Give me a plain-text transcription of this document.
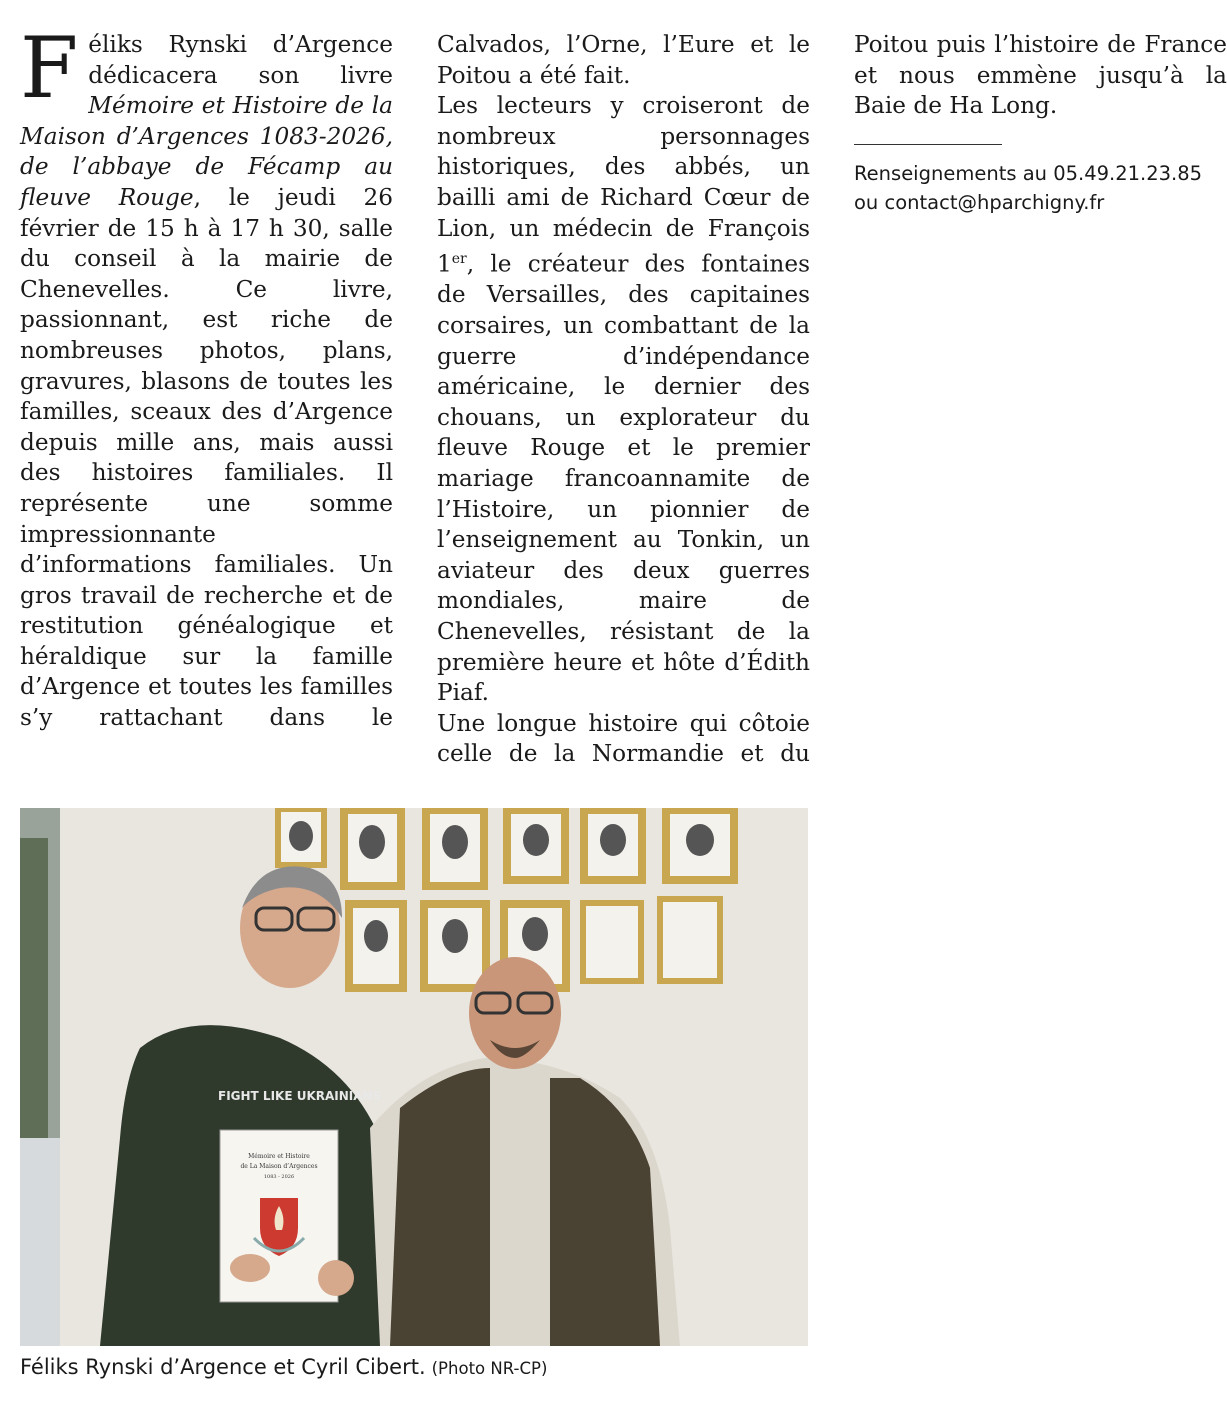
Féliks Rynski d’Argence dédicacera son livre Mémoire et Histoire de la Maison d’Argences 1083-2026, de l’abbaye de Fécamp au fleuve Rouge, le jeudi 26 février de 15 h à 17 h 30, salle du conseil à la mairie de Chenevelles. Ce livre, passionnant, est riche de nombreuses photos, plans, gravures, blasons de toutes les familles, sceaux des d’Argence depuis mille ans, mais aussi des histoires familiales. Il représente une somme impressionnante d’informations familiales. Un gros travail de recherche et de restitution généalogique et héraldique sur la famille d’Argence et toutes les familles s’y rattachant dans le Calvados, l’Orne, l’Eure et le Poitou a été fait.

Les lecteurs y croiseront de nombreux personnages historiques, des abbés, un bailli ami de Richard Cœur de Lion, un médecin de François 1er, le créateur des fontaines de Versailles, des capitaines corsaires, un combattant de la guerre d’indépendance américaine, le dernier des chouans, un explorateur du fleuve Rouge et le premier mariage francoannamite de l’Histoire, un pionnier de l’enseignement au Tonkin, un aviateur des deux guerres mondiales, maire de Chenevelles, résistant de la première heure et hôte d’Édith Piaf.

Une longue histoire qui côtoie celle de la Normandie et du Poitou puis l’histoire de France et nous emmène jusqu’à la Baie de Ha Long.

Renseignements au 05.49.21.23.85
ou contact@hparchigny.fr
FIGHT LIKE UKRAINIANS
Mémoire et Histoire
de La Maison d’Argences
1083 - 2026
Féliks Rynski d’Argence et Cyril Cibert. (Photo NR-CP)
